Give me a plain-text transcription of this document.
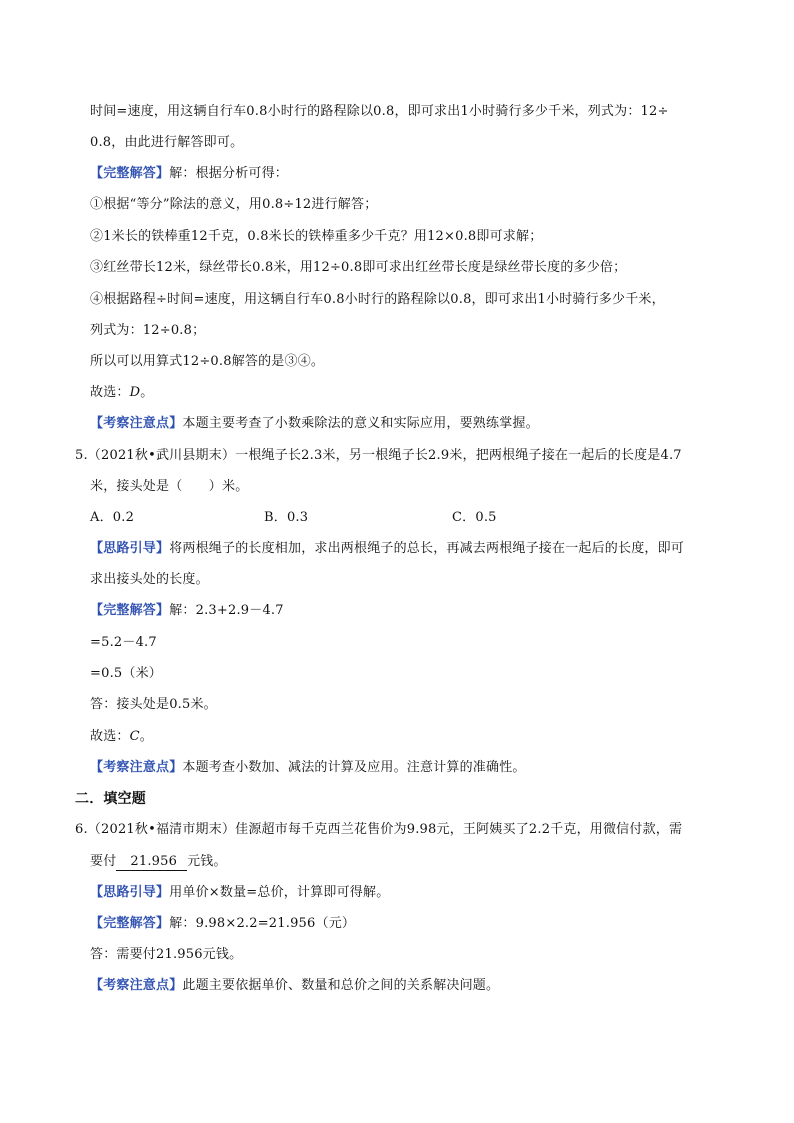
时间=速度，用这辆自行车0.8小时行的路程除以0.8，即可求出1小时骑行多少千米，列式为：12÷
0.8，由此进行解答即可。
【完整解答】解：根据分析可得：
①根据“等分”除法的意义，用0.8÷12进行解答；
②1米长的铁棒重12千克，0.8米长的铁棒重多少千克？用12×0.8即可求解；
③红丝带长12米，绿丝带长0.8米，用12÷0.8即可求出红丝带长度是绿丝带长度的多少倍；
④根据路程÷时间=速度，用这辆自行车0.8小时行的路程除以0.8，即可求出1小时骑行多少千米，
列式为：12÷0.8；
所以可以用算式12÷0.8解答的是③④。
故选：D。
【考察注意点】本题主要考查了小数乘除法的意义和实际应用，要熟练掌握。
5.（2021秋•武川县期末）一根绳子长2.3米，另一根绳子长2.9米，把两根绳子接在一起后的长度是4.7
米，接头处是（　　）米。
A．0.2	B．0.3	C．0.5
【思路引导】将两根绳子的长度相加，求出两根绳子的总长，再减去两根绳子接在一起后的长度，即可
求出接头处的长度。
【完整解答】解：2.3+2.9－4.7
=5.2－4.7
=0.5（米）
答：接头处是0.5米。
故选：C。
【考察注意点】本题考查小数加、减法的计算及应用。注意计算的准确性。
二．填空题
6.（2021秋•福清市期末）佳源超市每千克西兰花售价为9.98元，王阿姨买了2.2千克，用微信付款，需
要付 21.956 元钱。
【思路引导】用单价×数量=总价，计算即可得解。
【完整解答】解：9.98×2.2=21.956（元）
答：需要付21.956元钱。
【考察注意点】此题主要依据单价、数量和总价之间的关系解决问题。
